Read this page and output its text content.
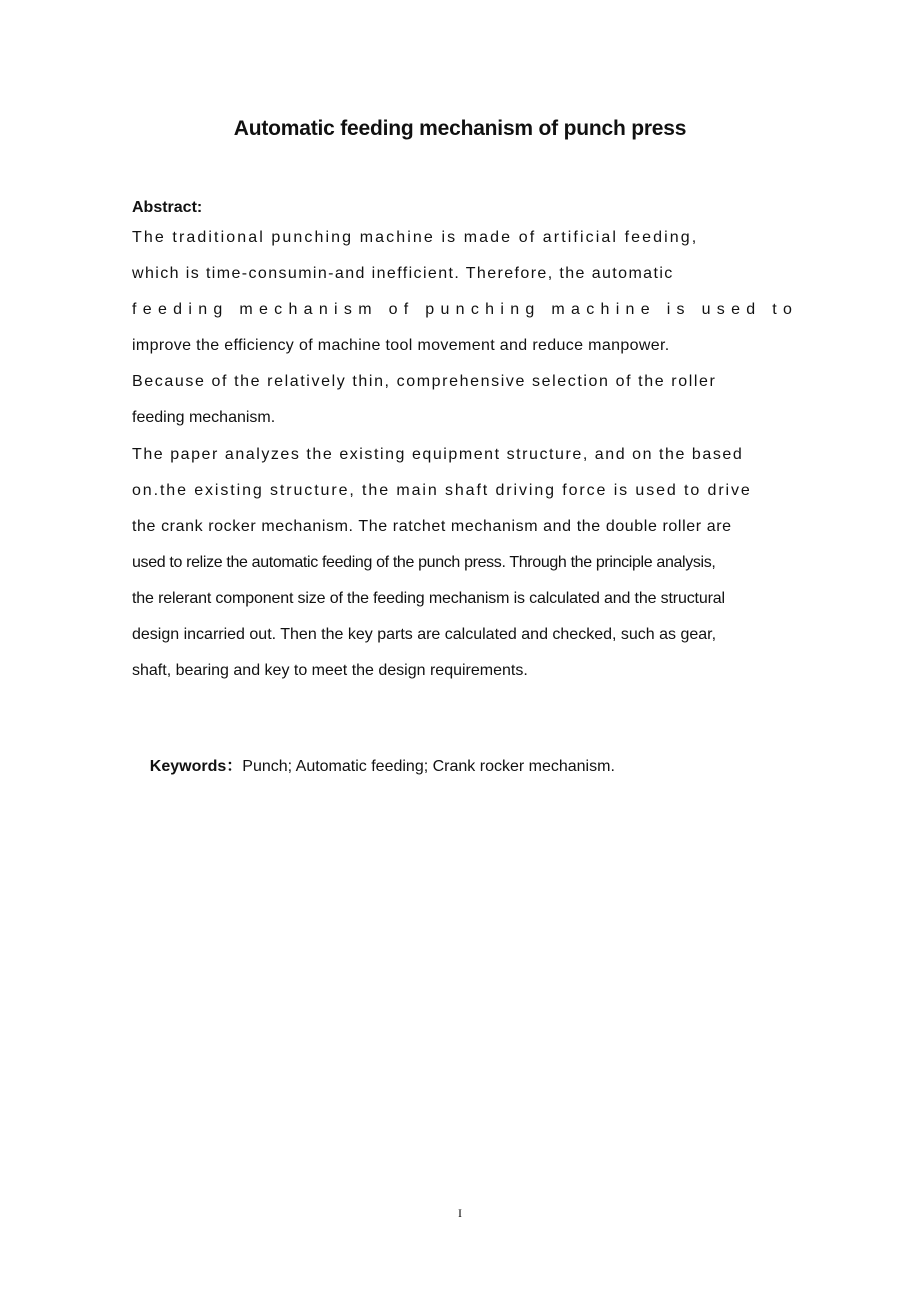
Automatic feeding mechanism of punch press
Abstract:
The traditional punching machine is made of artificial feeding,
which is time-consumin-and inefficient. Therefore, the automatic
feeding mechanism of punching machine is used to
improve the efficiency of machine tool movement and reduce manpower.
Because of the relatively thin, comprehensive selection of the roller
feeding mechanism.
The paper analyzes the existing equipment structure, and on the based
on.the existing structure, the main shaft driving force is used to drive
the crank rocker mechanism. The ratchet mechanism and the double roller are
used to relize the automatic feeding of the punch press. Through the principle analysis,
the relerant component size of the feeding mechanism is calculated and the structural
design incarried out. Then the key parts are calculated and checked, such as gear,
shaft, bearing and key to meet the design requirements.

Keywords：Punch; Automatic feeding; Crank rocker mechanism.

I
